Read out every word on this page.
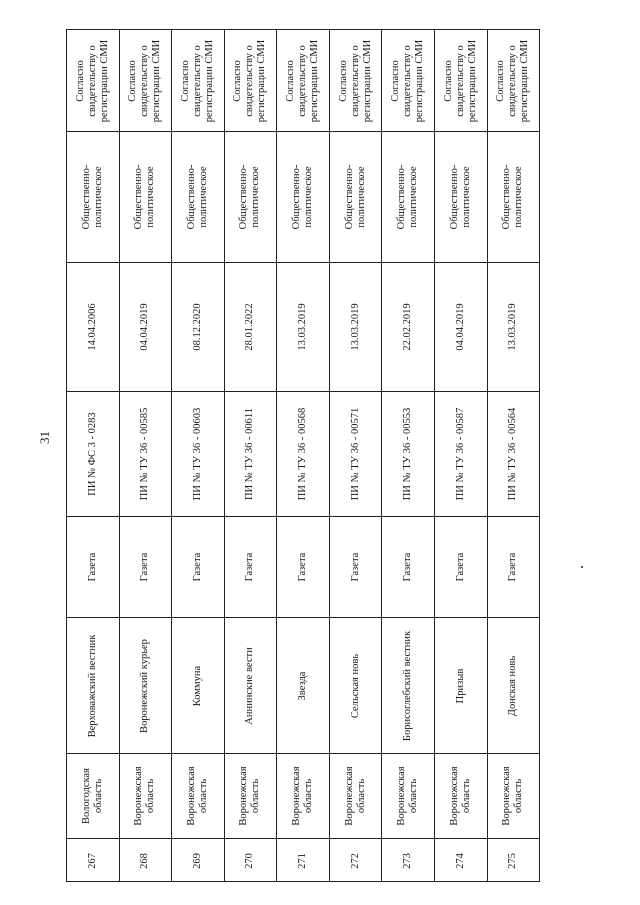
31
Согласно свидетельству о регистрации СМИ
Общественно-политическое
14.04.2006
ПИ № ФС 3 - 0283
Газета
Верховажский вестник
Вологодская область
267
Согласно свидетельству о регистрации СМИ
Общественно-политическое
04.04.2019
ПИ № ТУ 36 - 00585
Газета
Воронежский курьер
Воронежская область
268
Согласно свидетельству о регистрации СМИ
Общественно-политическое
08.12.2020
ПИ № ТУ 36 - 00603
Газета
Коммуна
Воронежская область
269
Согласно свидетельству о регистрации СМИ
Общественно-политическое
28.01.2022
ПИ № ТУ 36 - 00611
Газета
Аннинские вести
Воронежская область
270
Согласно свидетельству о регистрации СМИ
Общественно-политическое
13.03.2019
ПИ № ТУ 36 - 00568
Газета
Звезда
Воронежская область
271
Согласно свидетельству о регистрации СМИ
Общественно-политическое
13.03.2019
ПИ № ТУ 36 - 00571
Газета
Сельская новь
Воронежская область
272
Согласно свидетельству о регистрации СМИ
Общественно-политическое
22.02.2019
ПИ № ТУ 36 - 00553
Газета
Борисоглебский вестник
Воронежская область
273
Согласно свидетельству о регистрации СМИ
Общественно-политическое
04.04.2019
ПИ № ТУ 36 - 00587
Газета
Призыв
Воронежская область
274
Согласно свидетельству о регистрации СМИ
Общественно-политическое
13.03.2019
ПИ № ТУ 36 - 00564
Газета
Донская новь
Воронежская область
275
